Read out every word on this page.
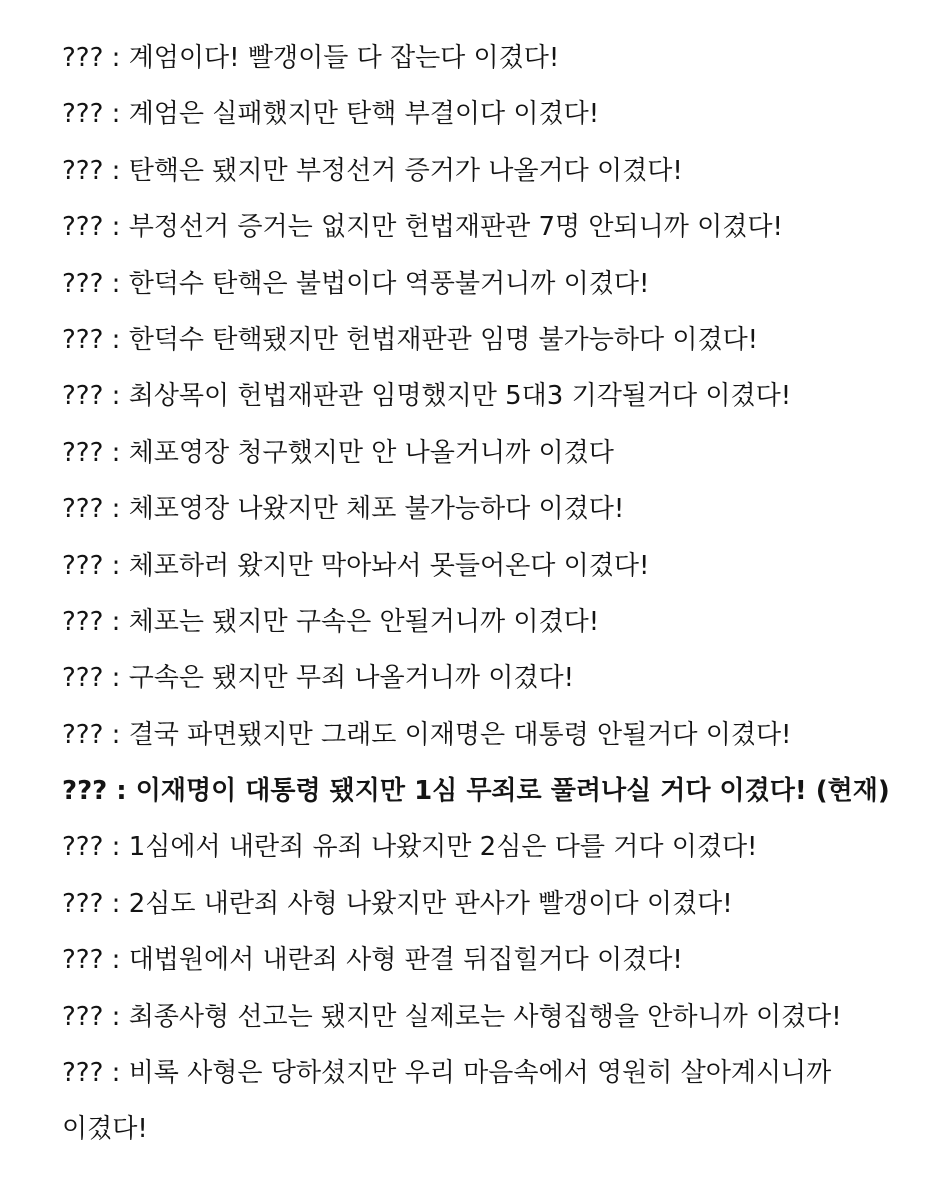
??? : 계엄이다! 빨갱이들 다 잡는다 이겼다!

??? : 계엄은 실패했지만 탄핵 부결이다 이겼다!

??? : 탄핵은 됐지만 부정선거 증거가 나올거다 이겼다!

??? : 부정선거 증거는 없지만 헌법재판관 7명 안되니까 이겼다!

??? : 한덕수 탄핵은 불법이다 역풍불거니까 이겼다!

??? : 한덕수 탄핵됐지만 헌법재판관 임명 불가능하다 이겼다!

??? : 최상목이 헌법재판관 임명했지만 5대3 기각될거다 이겼다!

??? : 체포영장 청구했지만 안 나올거니까 이겼다

??? : 체포영장 나왔지만 체포 불가능하다 이겼다!

??? : 체포하러 왔지만 막아놔서 못들어온다 이겼다!

??? : 체포는 됐지만 구속은 안될거니까 이겼다!

??? : 구속은 됐지만 무죄 나올거니까 이겼다!

??? : 결국 파면됐지만 그래도 이재명은 대통령 안될거다 이겼다!

??? : 이재명이 대통령 됐지만 1심 무죄로 풀려나실 거다 이겼다! (현재)

??? : 1심에서 내란죄 유죄 나왔지만 2심은 다를 거다 이겼다!

??? : 2심도 내란죄 사형 나왔지만 판사가 빨갱이다 이겼다!

??? : 대법원에서 내란죄 사형 판결 뒤집힐거다 이겼다!

??? : 최종사형 선고는 됐지만 실제로는 사형집행을 안하니까 이겼다!

??? : 비록 사형은 당하셨지만 우리 마음속에서 영원히 살아계시니까

이겼다!
